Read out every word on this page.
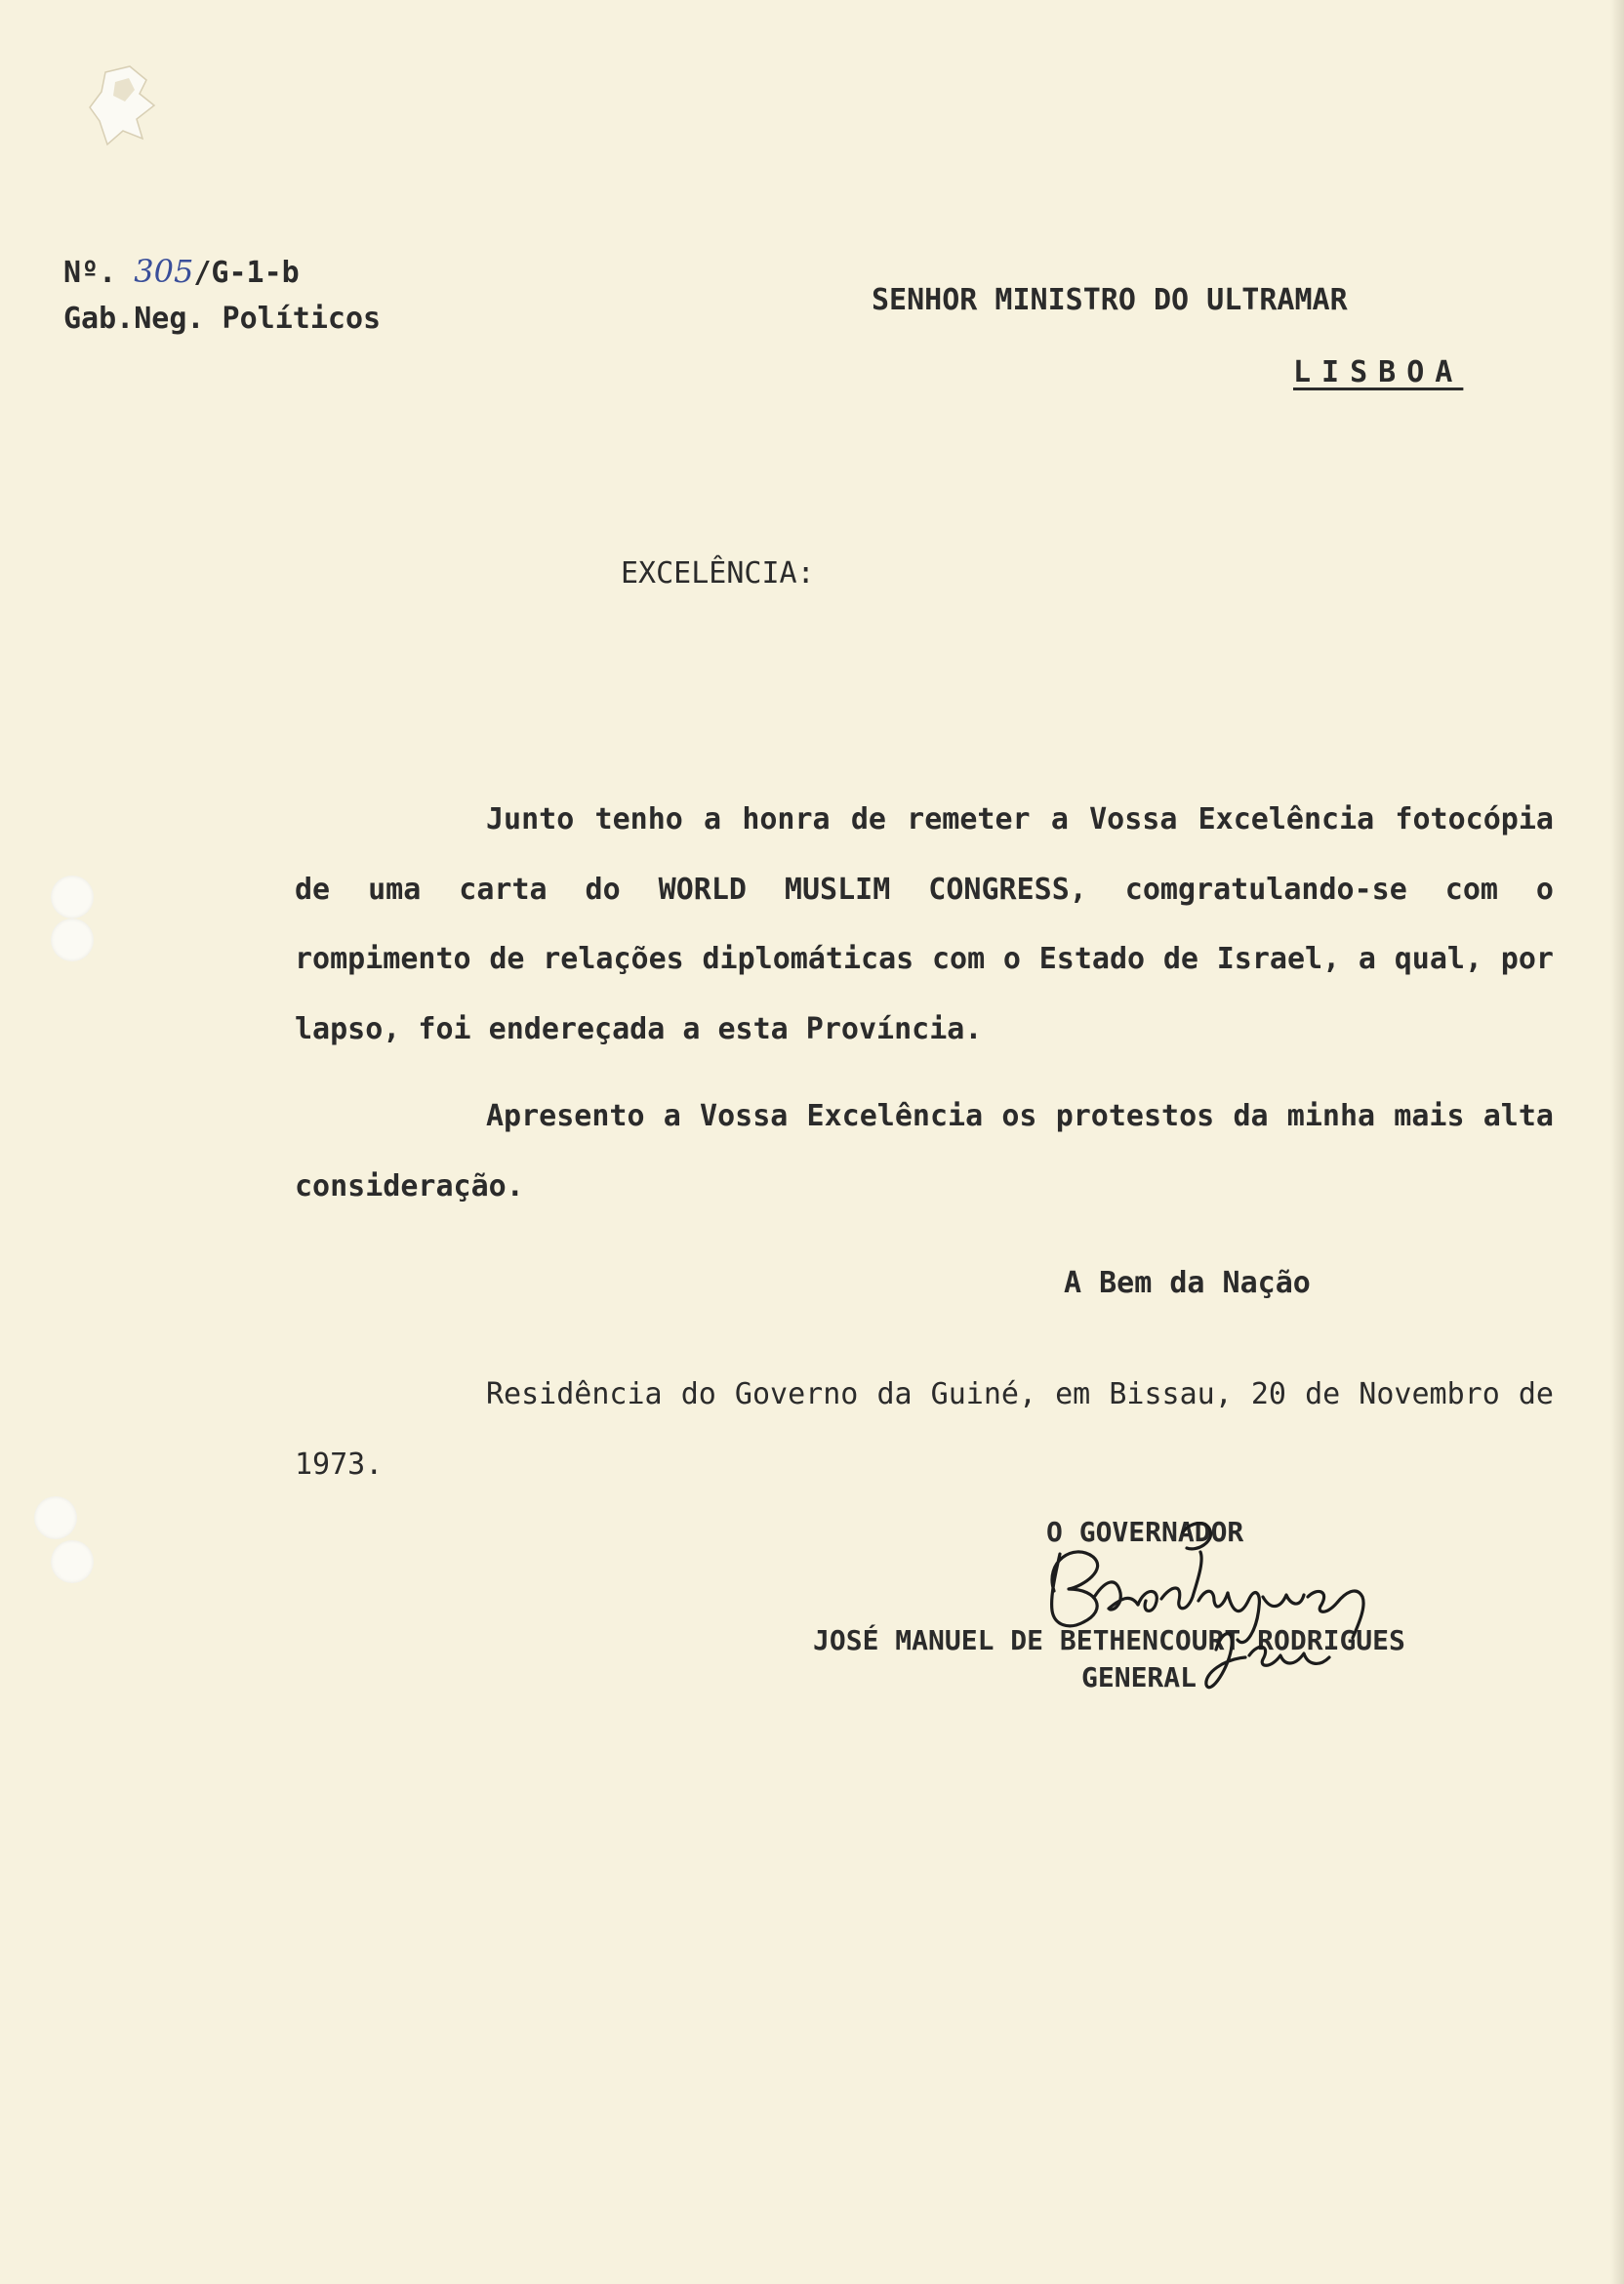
Nº. 305/G-1-b
Gab.Neg. Políticos
SENHOR MINISTRO DO ULTRAMAR
LISBOA
EXCELÊNCIA:
Junto tenho a honra de remeter a Vossa Excelência fotocópia de uma carta do WORLD MUSLIM CONGRESS, comgratulando-se com o rompimento de relações diplomáticas com o Estado de Israel, a qual, por lapso, foi endereçada a esta Província.
Apresento a Vossa Excelência os protestos da minha mais alta consideração.
A Bem da Nação
Residência do Governo da Guiné, em Bissau, 20 de Novembro de 1973.
O GOVERNADOR
JOSÉ MANUEL DE BETHENCOURT RODRIGUES
GENERAL
